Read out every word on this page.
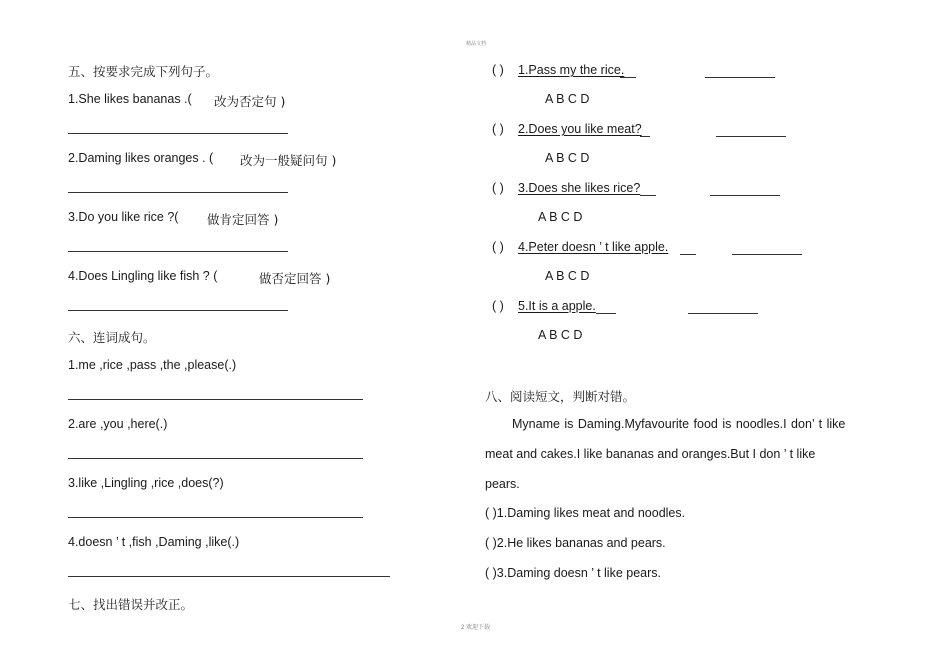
精品文档
2 欢迎下载
五、按要求完成下列句子。
1.She likes bananas .( 改为否定句 )
2.Daming likes oranges . ( 改为一般疑问句 )
3.Do you like rice ?( 做肯定回答 )
4.Does Lingling like fish ? (	做否定回答 )
六、连词成句。
1.me ,rice ,pass ,the ,please(.)
2.are ,you ,here(.)
3.like ,Lingling ,rice ,does(?)
4.doesn ’ t ,fish ,Daming ,like(.)
七、找出错误并改正。
( ) 1.Pass my the rice.
A B C D
( ) 2.Does you like meat?
A B C D
( ) 3.Does she likes rice?
A B C D
( ) 4.Peter doesn ’ t like apple.
A B C D
( ) 5.It is a apple.
A B C D
八、阅读短文，判断对错。
Myname is Daming.Myfavourite food is noodles.I don’ t like
meat and cakes.I like bananas and oranges.But I don ’ t like
pears.
( )1.Daming likes meat and noodles.
( )2.He likes bananas and pears.
( )3.Daming doesn ’ t like pears.
